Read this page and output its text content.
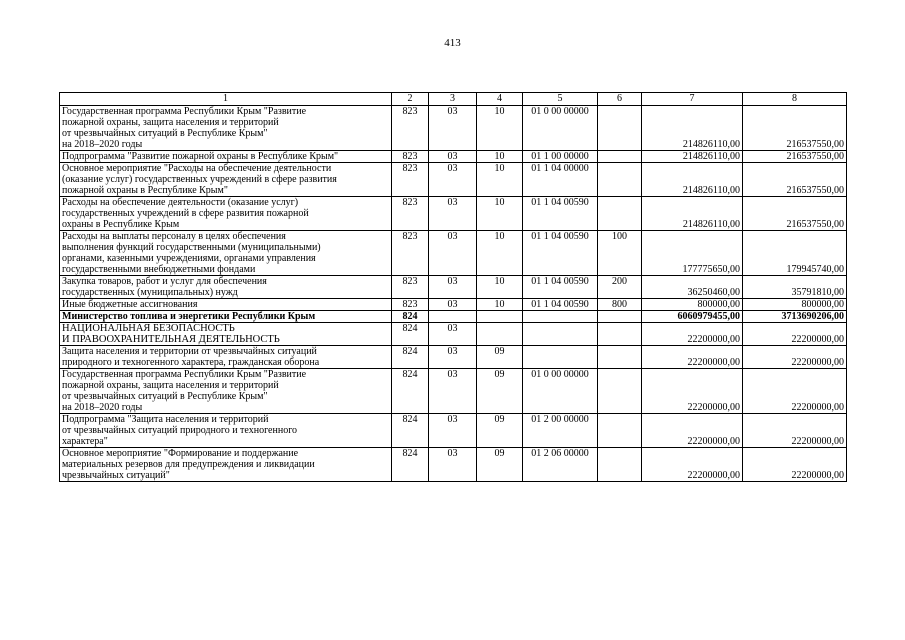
413
1	2	3	4	5	6	7	8
Государственная программа Республики Крым "Развитие
пожарной охраны, защита населения и территорий
от чрезвычайных ситуаций в Республике Крым"
на 2018–2020 годы	823	03	10	01 0 00 00000		214826110,00	216537550,00
Подпрограмма "Развитие пожарной охраны в Республике Крым"	823	03	10	01 1 00 00000		214826110,00	216537550,00
Основное мероприятие "Расходы на обеспечение деятельности
(оказание услуг) государственных учреждений в сфере развития
пожарной охраны в Республике Крым"	823	03	10	01 1 04 00000		214826110,00	216537550,00
Расходы на обеспечение деятельности (оказание услуг)
государственных учреждений в сфере развития пожарной
охраны в Республике Крым	823	03	10	01 1 04 00590		214826110,00	216537550,00
Расходы на выплаты персоналу в целях обеспечения
выполнения функций государственными (муниципальными)
органами, казенными учреждениями, органами управления
государственными внебюджетными фондами	823	03	10	01 1 04 00590	100	177775650,00	179945740,00
Закупка товаров, работ и услуг для обеспечения
государственных (муниципальных) нужд	823	03	10	01 1 04 00590	200	36250460,00	35791810,00
Иные бюджетные ассигнования	823	03	10	01 1 04 00590	800	800000,00	800000,00
Министерство топлива и энергетики Республики Крым	824					6060979455,00	3713690206,00
НАЦИОНАЛЬНАЯ БЕЗОПАСНОСТЬ
И ПРАВООХРАНИТЕЛЬНАЯ ДЕЯТЕЛЬНОСТЬ	824	03				22200000,00	22200000,00
Защита населения и территории от чрезвычайных ситуаций
природного и техногенного характера, гражданская оборона	824	03	09			22200000,00	22200000,00
Государственная программа Республики Крым "Развитие
пожарной охраны, защита населения и территорий
от чрезвычайных ситуаций в Республике Крым"
на 2018–2020 годы	824	03	09	01 0 00 00000		22200000,00	22200000,00
Подпрограмма "Защита населения и территорий
от чрезвычайных ситуаций природного и техногенного
характера"	824	03	09	01 2 00 00000		22200000,00	22200000,00
Основное мероприятие "Формирование и поддержание
материальных резервов для предупреждения и ликвидации
чрезвычайных ситуаций"	824	03	09	01 2 06 00000		22200000,00	22200000,00
